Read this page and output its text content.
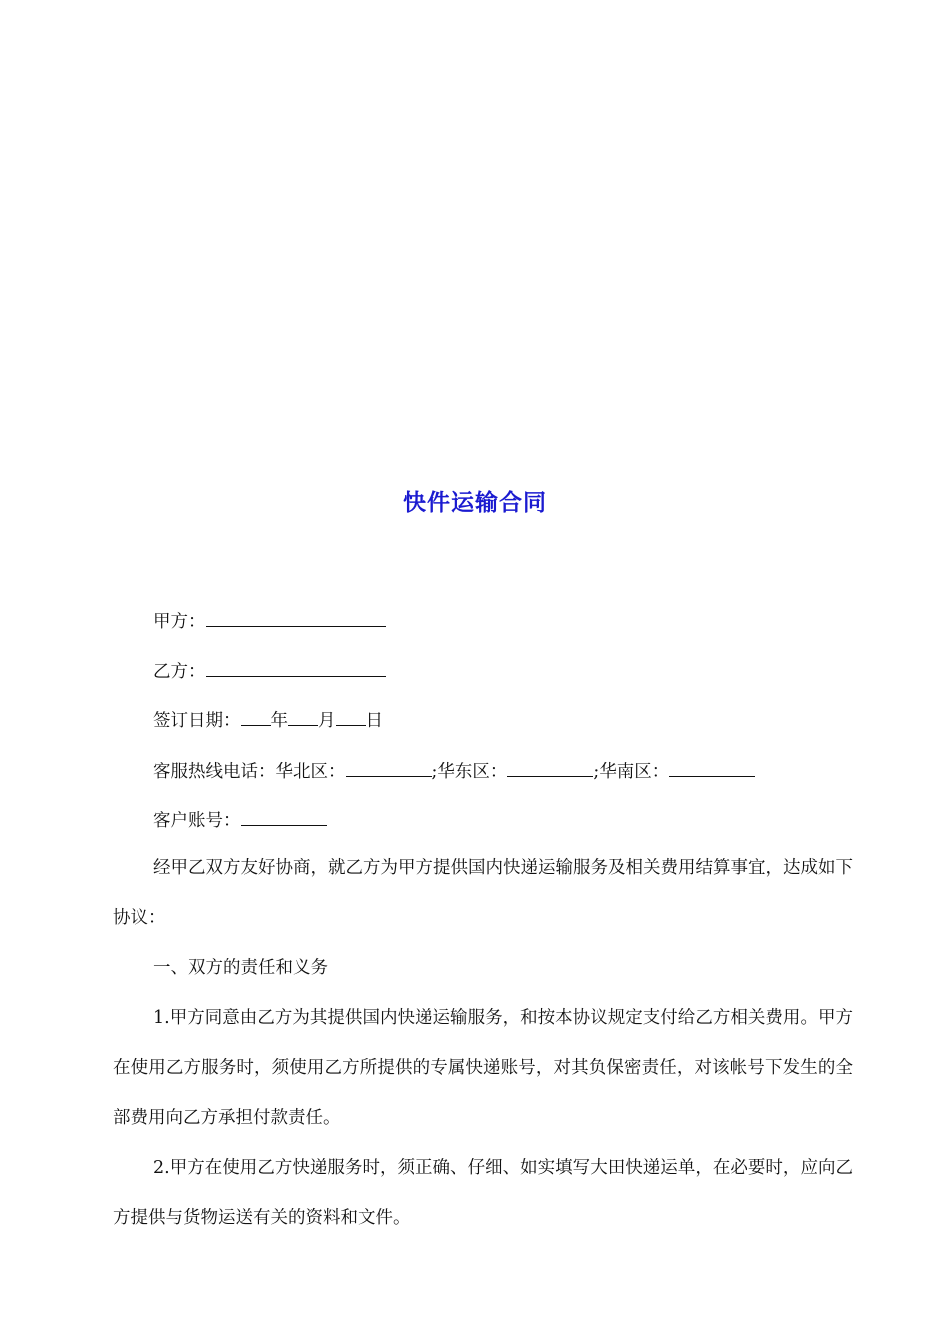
快件运输合同
甲方：
乙方：
签订日期： 年 月 日
客服热线电话：华北区：	;华东区：	;华南区：
客户账号：
经甲乙双方友好协商，就乙方为甲方提供国内快递运输服务及相关费用结算事宜，达成如下协议：
一、双方的责任和义务
1.甲方同意由乙方为其提供国内快递运输服务，和按本协议规定支付给乙方相关费用。甲方在使用乙方服务时，须使用乙方所提供的专属快递账号，对其负保密责任，对该帐号下发生的全部费用向乙方承担付款责任。
2.甲方在使用乙方快递服务时，须正确、仔细、如实填写大田快递运单，在必要时，应向乙方提供与货物运送有关的资料和文件。
